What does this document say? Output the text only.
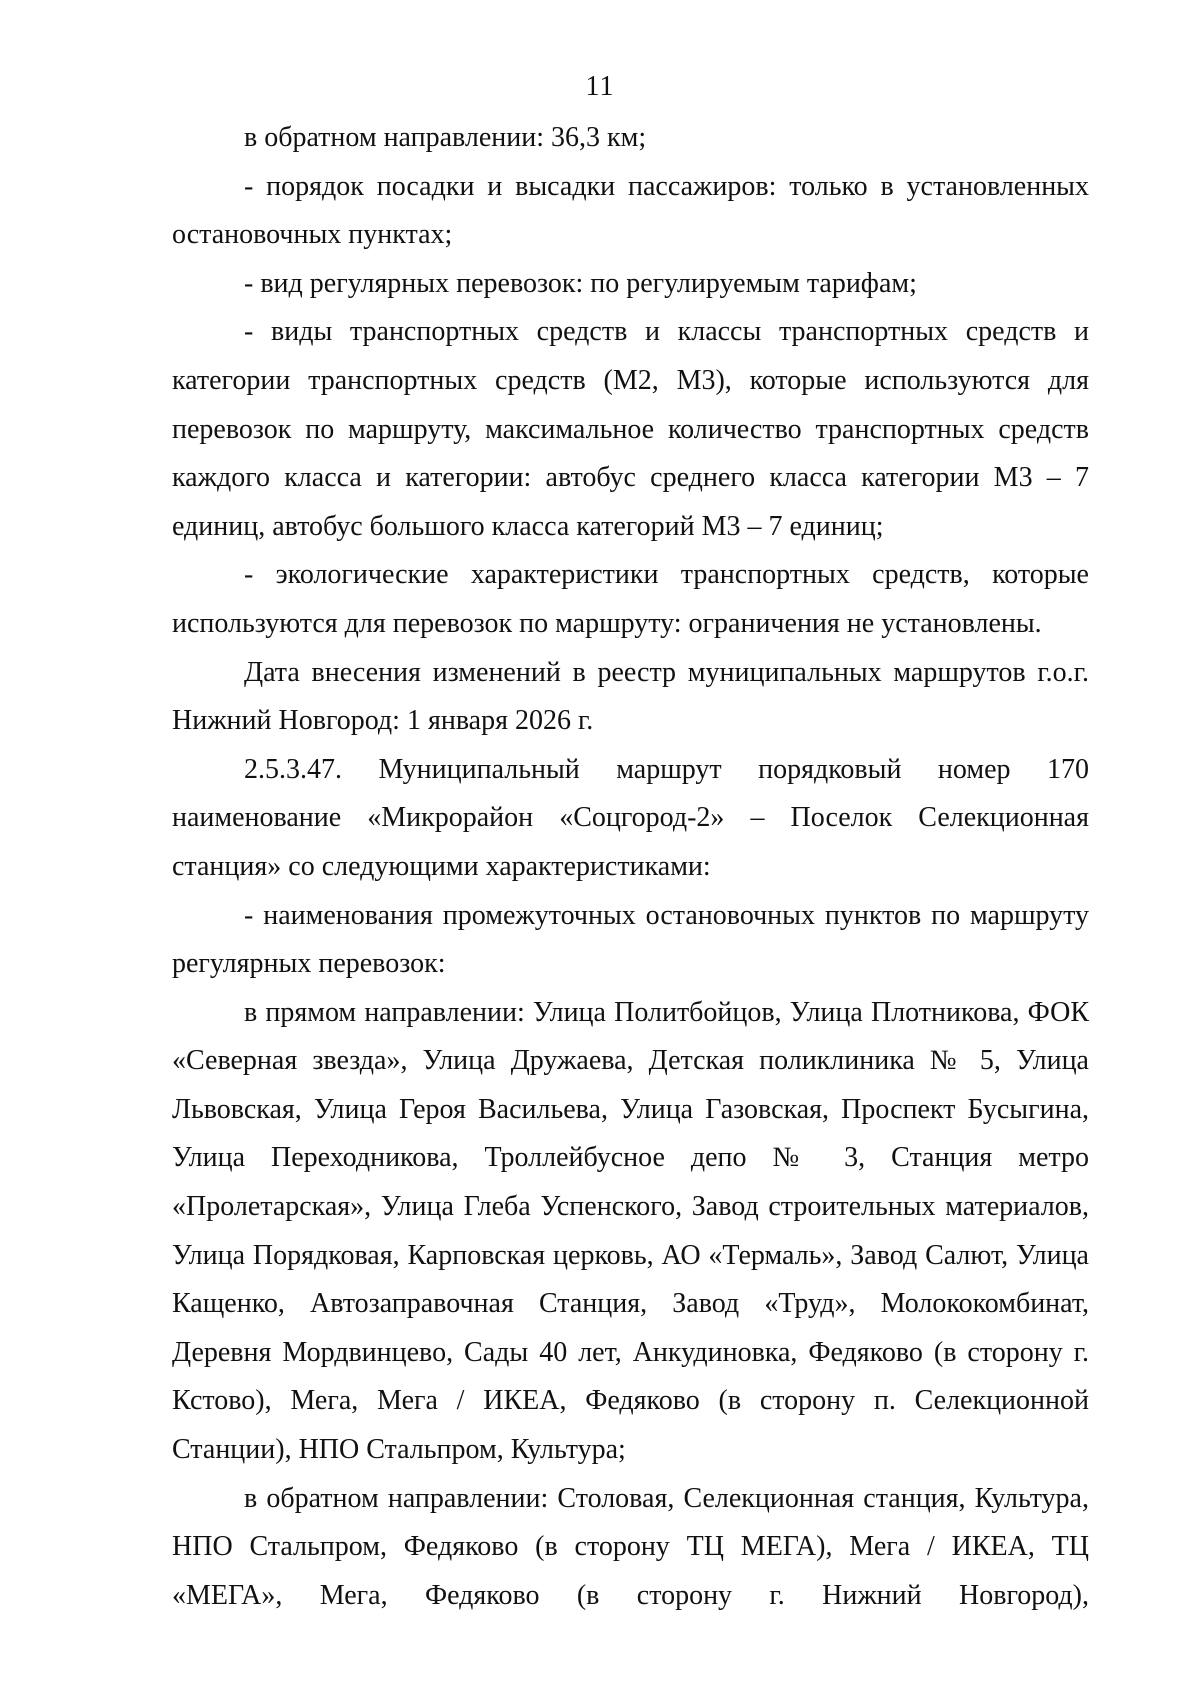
11

в обратном направлении: 36,3 км;

- порядок посадки и высадки пассажиров: только в установленных остановочных пунктах;

- вид регулярных перевозок: по регулируемым тарифам;

- виды транспортных средств и классы транспортных средств и категории транспортных средств (М2, М3), которые используются для перевозок по маршруту, максимальное количество транспортных средств каждого класса и категории: автобус среднего класса категории М3 – 7 единиц, автобус большого класса категорий М3 – 7 единиц;

- экологические характеристики транспортных средств, которые используются для перевозок по маршруту: ограничения не установлены.

Дата внесения изменений в реестр муниципальных маршрутов г.о.г. Нижний Новгород: 1 января 2026 г.

2.5.3.47. Муниципальный маршрут порядковый номер 170 наименование «Микрорайон «Соцгород-2» – Поселок Селекционная станция» со следующими характеристиками:

- наименования промежуточных остановочных пунктов по маршруту регулярных перевозок:

в прямом направлении: Улица Политбойцов, Улица Плотникова, ФОК «Северная звезда», Улица Дружаева, Детская поликлиника № 5, Улица Львовская, Улица Героя Васильева, Улица Газовская, Проспект Бусыгина, Улица Переходникова, Троллейбусное депо № 3, Станция метро «Пролетарская», Улица Глеба Успенского, Завод строительных материалов, Улица Порядковая, Карповская церковь, АО «Термаль», Завод Салют, Улица Кащенко, Автозаправочная Станция, Завод «Труд», Молококомбинат, Деревня Мордвинцево, Сады 40 лет, Анкудиновка, Федяково (в сторону г. Кстово), Мега, Мега / ИКЕА, Федяково (в сторону п. Селекционной Станции), НПО Стальпром, Культура;

в обратном направлении: Столовая, Селекционная станция, Культура, НПО Стальпром, Федяково (в сторону ТЦ МЕГА), Мега / ИКЕА, ТЦ «МЕГА», Мега, Федяково (в сторону г. Нижний Новгород),
